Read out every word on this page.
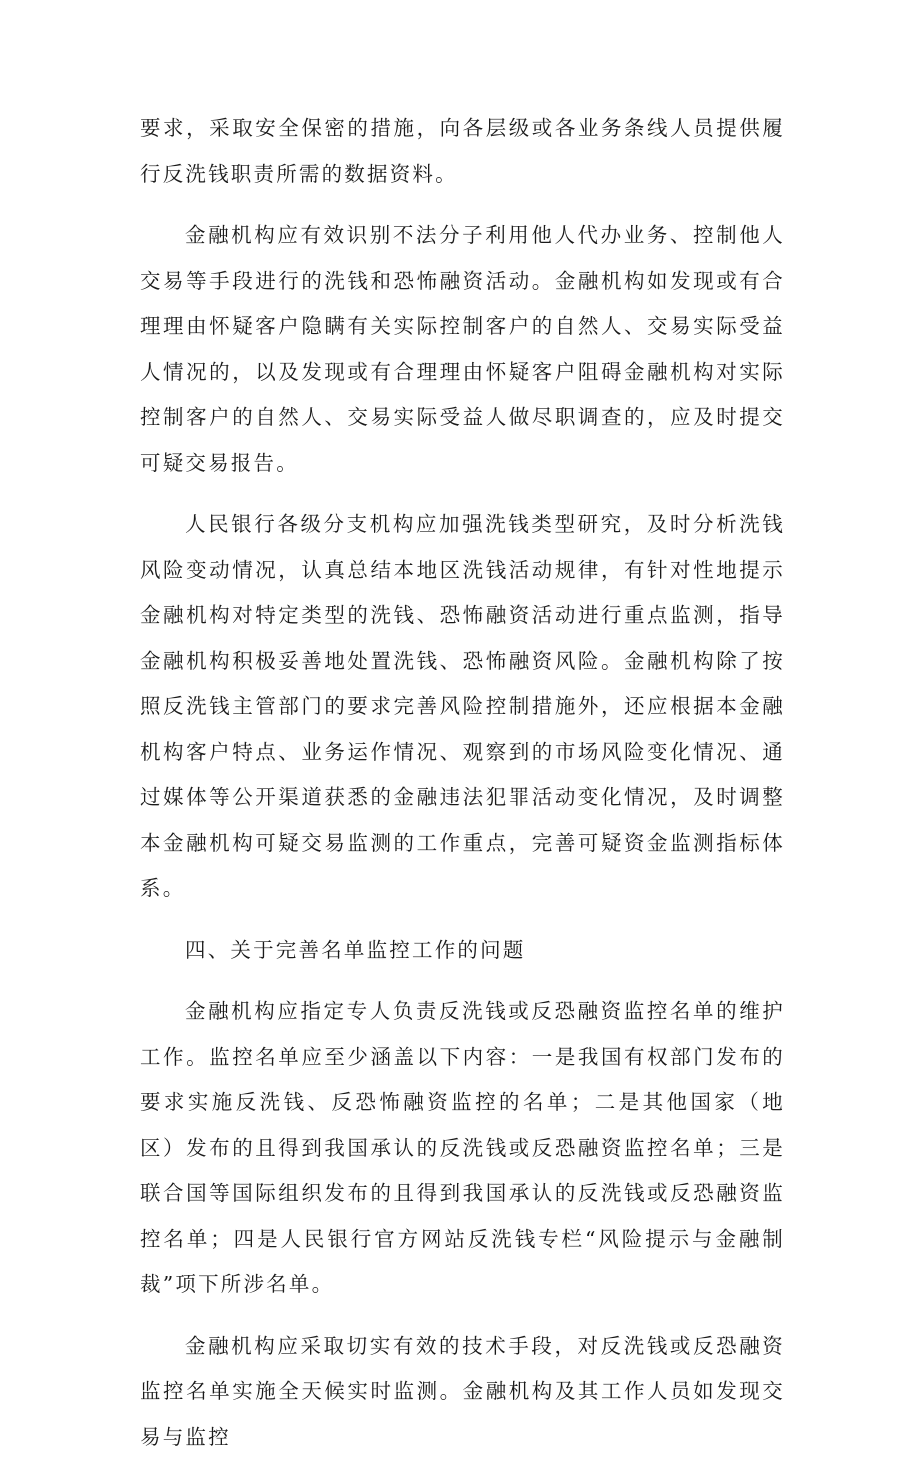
要求，采取安全保密的措施，向各层级或各业务条线人员提供履行反洗钱职责所需的数据资料。

金融机构应有效识别不法分子利用他人代办业务、控制他人交易等手段进行的洗钱和恐怖融资活动。金融机构如发现或有合理理由怀疑客户隐瞒有关实际控制客户的自然人、交易实际受益人情况的，以及发现或有合理理由怀疑客户阻碍金融机构对实际控制客户的自然人、交易实际受益人做尽职调查的，应及时提交可疑交易报告。

人民银行各级分支机构应加强洗钱类型研究，及时分析洗钱风险变动情况，认真总结本地区洗钱活动规律，有针对性地提示金融机构对特定类型的洗钱、恐怖融资活动进行重点监测，指导金融机构积极妥善地处置洗钱、恐怖融资风险。金融机构除了按照反洗钱主管部门的要求完善风险控制措施外，还应根据本金融机构客户特点、业务运作情况、观察到的市场风险变化情况、通过媒体等公开渠道获悉的金融违法犯罪活动变化情况，及时调整本金融机构可疑交易监测的工作重点，完善可疑资金监测指标体系。

四、关于完善名单监控工作的问题

金融机构应指定专人负责反洗钱或反恐融资监控名单的维护工作。监控名单应至少涵盖以下内容：一是我国有权部门发布的要求实施反洗钱、反恐怖融资监控的名单；二是其他国家（地区）发布的且得到我国承认的反洗钱或反恐融资监控名单；三是联合国等国际组织发布的且得到我国承认的反洗钱或反恐融资监控名单；四是人民银行官方网站反洗钱专栏“风险提示与金融制裁”项下所涉名单。

金融机构应采取切实有效的技术手段，对反洗钱或反恐融资监控名单实施全天候实时监测。金融机构及其工作人员如发现交易与监控
